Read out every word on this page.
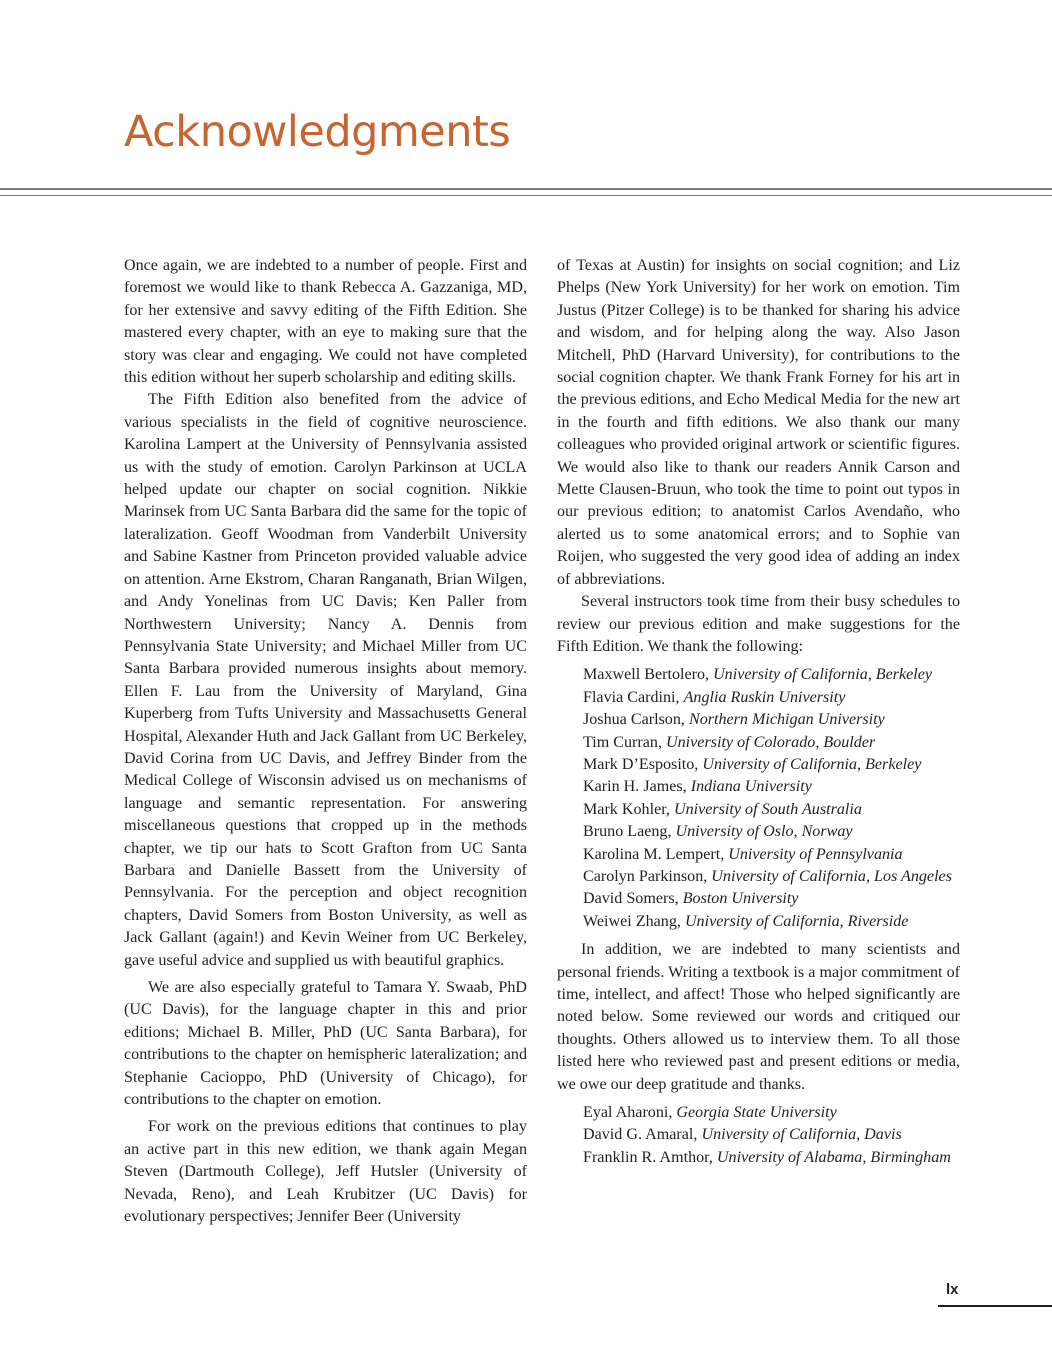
Acknowledgments

Once again, we are indebted to a number of people. First and foremost we would like to thank Rebecca A. Gazzaniga, MD, for her extensive and savvy editing of the Fifth Edition. She mastered every chapter, with an eye to making sure that the story was clear and engaging. We could not have completed this edition without her superb scholarship and editing skills.

The Fifth Edition also benefited from the advice of various specialists in the field of cognitive neuroscience. Karolina Lampert at the University of Pennsylvania assisted us with the study of emotion. Carolyn Parkinson at UCLA helped update our chapter on social cognition. Nikkie Marinsek from UC Santa Barbara did the same for the topic of lateralization. Geoff Woodman from Vanderbilt University and Sabine Kastner from Princeton provided valuable advice on attention. Arne Ekstrom, Charan Ranganath, Brian Wilgen, and Andy Yonelinas from UC Davis; Ken Paller from Northwestern University; Nancy A. Dennis from Pennsylvania State University; and Michael Miller from UC Santa Barbara provided numerous insights about memory. Ellen F. Lau from the University of Maryland, Gina Kuperberg from Tufts University and Massachusetts General Hospital, Alexander Huth and Jack Gallant from UC Berkeley, David Corina from UC Davis, and Jeffrey Binder from the Medical College of Wisconsin advised us on mechanisms of language and semantic representation. For answering miscellaneous questions that cropped up in the methods chapter, we tip our hats to Scott Grafton from UC Santa Barbara and Danielle Bassett from the University of Pennsylvania. For the perception and object recognition chapters, David Somers from Boston University, as well as Jack Gallant (again!) and Kevin Weiner from UC Berkeley, gave useful advice and supplied us with beautiful graphics.

We are also especially grateful to Tamara Y. Swaab, PhD (UC Davis), for the language chapter in this and prior editions; Michael B. Miller, PhD (UC Santa Barbara), for contributions to the chapter on hemispheric lateralization; and Stephanie Cacioppo, PhD (University of Chicago), for contributions to the chapter on emotion.

For work on the previous editions that continues to play an active part in this new edition, we thank again Megan Steven (Dartmouth College), Jeff Hutsler (University of Nevada, Reno), and Leah Krubitzer (UC Davis) for evolutionary perspectives; Jennifer Beer (University

of Texas at Austin) for insights on social cognition; and Liz Phelps (New York University) for her work on emotion. Tim Justus (Pitzer College) is to be thanked for sharing his advice and wisdom, and for helping along the way. Also Jason Mitchell, PhD (Harvard University), for contributions to the social cognition chapter. We thank Frank Forney for his art in the previous editions, and Echo Medical Media for the new art in the fourth and fifth editions. We also thank our many colleagues who provided original artwork or scientific figures. We would also like to thank our readers Annik Carson and Mette Clausen-Bruun, who took the time to point out typos in our previous edition; to anatomist Carlos Avendaño, who alerted us to some anatomical errors; and to Sophie van Roijen, who suggested the very good idea of adding an index of abbreviations.

Several instructors took time from their busy schedules to review our previous edition and make suggestions for the Fifth Edition. We thank the following:

Maxwell Bertolero, University of California, Berkeley
Flavia Cardini, Anglia Ruskin University
Joshua Carlson, Northern Michigan University
Tim Curran, University of Colorado, Boulder
Mark D’Esposito, University of California, Berkeley
Karin H. James, Indiana University
Mark Kohler, University of South Australia
Bruno Laeng, University of Oslo, Norway
Karolina M. Lempert, University of Pennsylvania
Carolyn Parkinson, University of California, Los Angeles
David Somers, Boston University
Weiwei Zhang, University of California, Riverside

In addition, we are indebted to many scientists and personal friends. Writing a textbook is a major commitment of time, intellect, and affect! Those who helped significantly are noted below. Some reviewed our words and critiqued our thoughts. Others allowed us to interview them. To all those listed here who reviewed past and present editions or media, we owe our deep gratitude and thanks.

Eyal Aharoni, Georgia State University
David G. Amaral, University of California, Davis
Franklin R. Amthor, University of Alabama, Birmingham
lx
